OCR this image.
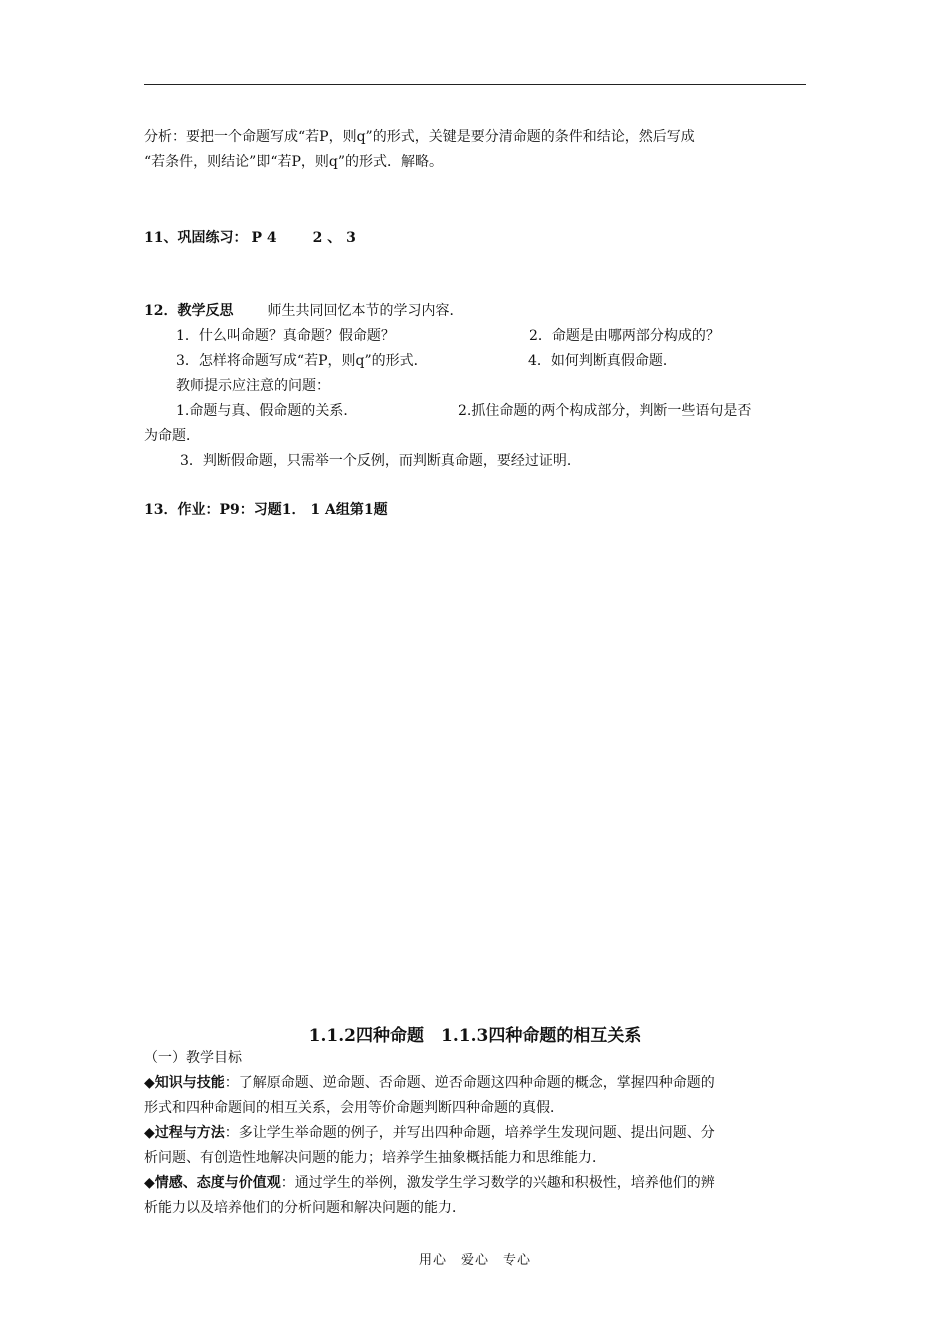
分析：要把一个命题写成“若P，则q”的形式，关键是要分清命题的条件和结论，然后写成
“若条件，则结论”即“若P，则q”的形式．解略。
11、巩固练习： P 4	2 、 3
12．教学反思 师生共同回忆本节的学习内容．
1．什么叫命题？真命题？假命题？	2．命题是由哪两部分构成的？
3．怎样将命题写成“若P，则q”的形式．	4．如何判断真假命题．
教师提示应注意的问题：
1.命题与真、假命题的关系．	2.抓住命题的两个构成部分，判断一些语句是否
为命题．
3．判断假命题，只需举一个反例，而判断真命题，要经过证明．
13．作业：P9：习题1． 1 A组第1题
1.1.2四种命题　1.1.3四种命题的相互关系
（一）教学目标
◆知识与技能：了解原命题、逆命题、否命题、逆否命题这四种命题的概念，掌握四种命题的
形式和四种命题间的相互关系，会用等价命题判断四种命题的真假．
◆过程与方法：多让学生举命题的例子，并写出四种命题，培养学生发现问题、提出问题、分
析问题、有创造性地解决问题的能力；培养学生抽象概括能力和思维能力．
◆情感、态度与价值观：通过学生的举例，激发学生学习数学的兴趣和积极性，培养他们的辨
析能力以及培养他们的分析问题和解决问题的能力．
用心　爱心　专心
